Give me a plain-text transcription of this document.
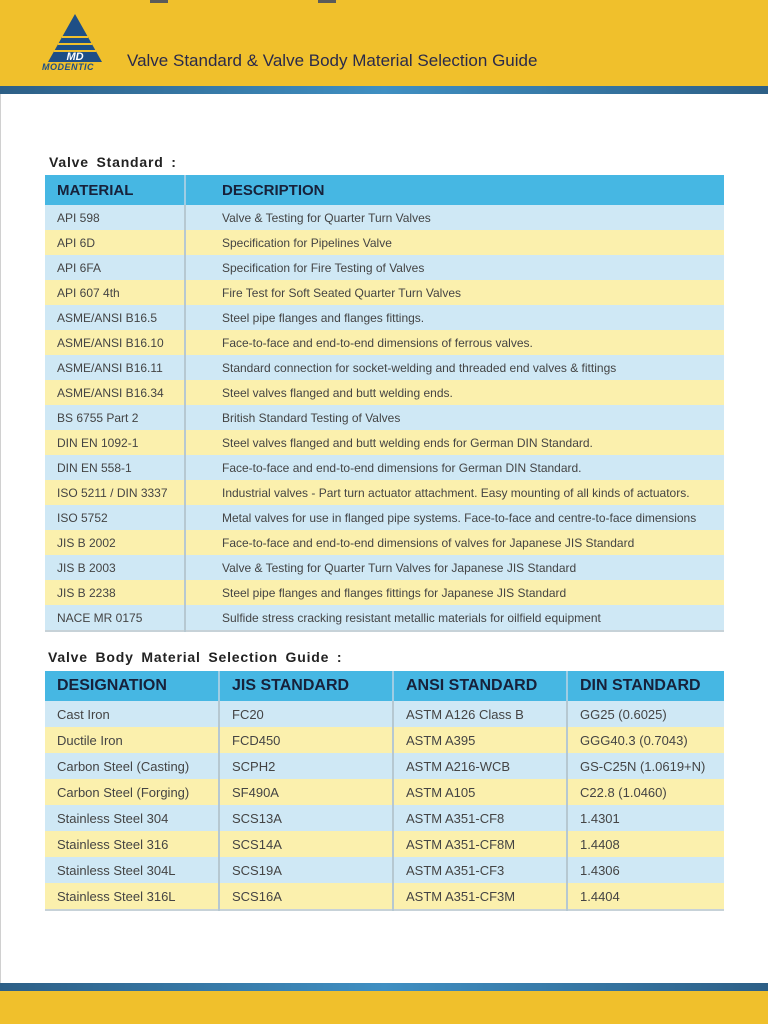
MD
MODENTIC Valve Standard & Valve Body Material Selection Guide
Valve Standard :
MATERIAL	DESCRIPTION
API 598	Valve & Testing for Quarter Turn Valves
API 6D	Specification for Pipelines Valve
API 6FA	Specification for Fire Testing of Valves
API 607 4th	Fire Test for Soft Seated Quarter Turn Valves
ASME/ANSI B16.5	Steel pipe flanges and flanges fittings.
ASME/ANSI B16.10	Face-to-face and end-to-end dimensions of ferrous valves.
ASME/ANSI B16.11	Standard connection for socket-welding and threaded end valves & fittings
ASME/ANSI B16.34	Steel valves flanged and butt welding ends.
BS 6755 Part 2	British Standard Testing of Valves
DIN EN 1092-1	Steel valves flanged and butt welding ends for German DIN Standard.
DIN EN 558-1	Face-to-face and end-to-end dimensions for German DIN Standard.
ISO 5211 / DIN 3337	Industrial valves - Part turn actuator attachment. Easy mounting of all kinds of actuators.
ISO 5752	Metal valves for use in flanged pipe systems. Face-to-face and centre-to-face dimensions
JIS B 2002	Face-to-face and end-to-end dimensions of valves for Japanese JIS Standard
JIS B 2003	Valve & Testing for Quarter Turn Valves for Japanese JIS Standard
JIS B 2238	Steel pipe flanges and flanges fittings for Japanese JIS Standard
NACE MR 0175	Sulfide stress cracking resistant metallic materials for oilfield equipment
Valve Body Material Selection Guide :
DESIGNATION	JIS STANDARD	ANSI STANDARD	DIN STANDARD
Cast Iron	FC20	ASTM A126 Class B	GG25 (0.6025)
Ductile Iron	FCD450	ASTM A395	GGG40.3 (0.7043)
Carbon Steel (Casting)	SCPH2	ASTM A216-WCB	GS-C25N (1.0619+N)
Carbon Steel (Forging)	SF490A	ASTM A105	C22.8 (1.0460)
Stainless Steel 304	SCS13A	ASTM A351-CF8	1.4301
Stainless Steel 316	SCS14A	ASTM A351-CF8M	1.4408
Stainless Steel 304L	SCS19A	ASTM A351-CF3	1.4306
Stainless Steel 316L	SCS16A	ASTM A351-CF3M	1.4404
